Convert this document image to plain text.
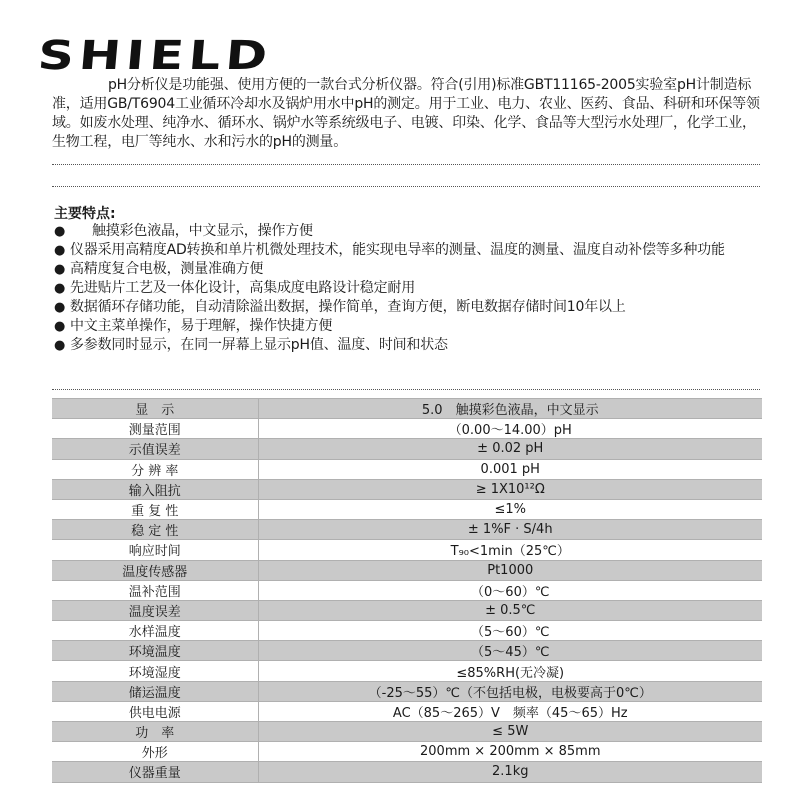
SHIELD

pH分析仪是功能强、使用方便的一款台式分析仪器。符合(引用)标准GBT11165-2005实验室pH计制造标准，适用GB/T6904工业循环冷却水及锅炉用水中pH的测定。用于工业、电力、农业、医药、食品、科研和环保等领域。如废水处理、纯净水、循环水、锅炉水等系统级电子、电镀、印染、化学、食品等大型污水处理厂，化学工业，生物工程，电厂等纯水、水和污水的pH的测量。

主要特点:
● 触摸彩色液晶，中文显示，操作方便
● 仪器采用高精度AD转换和单片机微处理技术，能实现电导率的测量、温度的测量、温度自动补偿等多种功能
● 高精度复合电极，测量准确方便
● 先进贴片工艺及一体化设计，高集成度电路设计稳定耐用
● 数据循环存储功能，自动清除溢出数据，操作简单，查询方便，断电数据存储时间10年以上
● 中文主菜单操作，易于理解，操作快捷方便
● 多参数同时显示，在同一屏幕上显示pH值、温度、时间和状态
显　示	5.0　触摸彩色液晶，中文显示
测量范围	（0.00～14.00）pH
示值误差	± 0.02 pH
分 辨 率	0.001 pH
输入阻抗	≥ 1X10¹²Ω
重 复 性	≤1%
稳 定 性	± 1%F · S/4h
响应时间	T₉₀<1min（25℃）
温度传感器	Pt1000
温补范围	（0～60）℃
温度误差	± 0.5℃
水样温度	（5～60）℃
环境温度	（5～45）℃
环境湿度	≤85%RH(无冷凝)
储运温度	（-25～55）℃（不包括电极，电极要高于0℃）
供电电源	AC（85～265）V　频率（45～65）Hz
功　率	≤ 5W
外形	200mm × 200mm × 85mm
仪器重量	2.1kg
